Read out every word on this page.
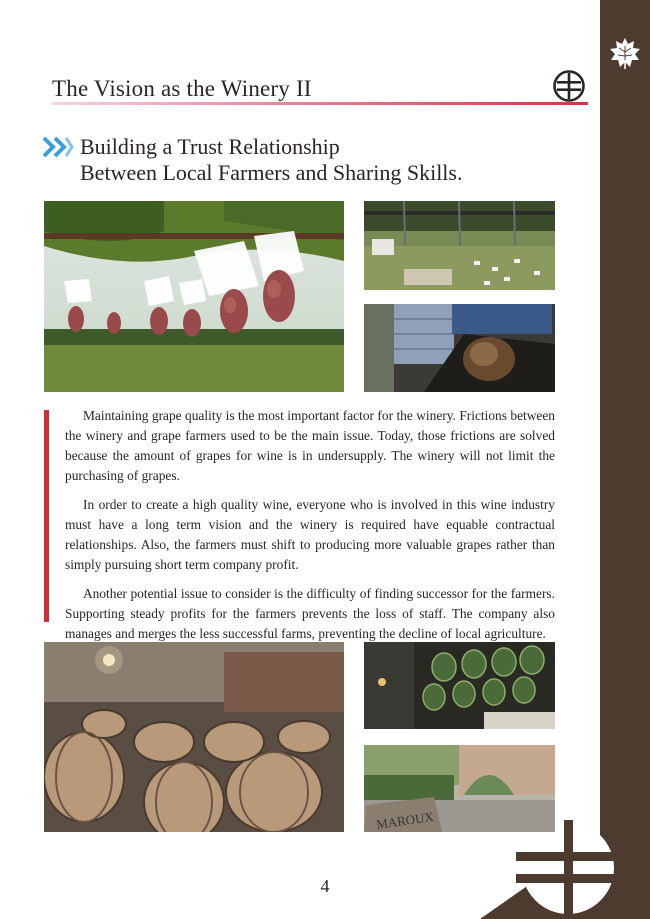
The Vision as the Winery II
Building a Trust Relationship
Between Local Farmers and Sharing Skills.

Maintaining grape quality is the most important factor for the winery. Frictions between the winery and grape farmers used to be the main issue. Today, those frictions are solved because the amount of grapes for wine is in undersupply. The winery will not limit the purchasing of grapes.

In order to create a high quality wine, everyone who is involved in this wine industry must have a long term vision and the winery is required have equable contractual relationships. Also, the farmers must shift to producing more valuable grapes rather than simply pursuing short term company profit.

Another potential issue to consider is the difficulty of finding successor for the farmers. Supporting steady profits for the farmers prevents the loss of staff. The company also manages and merges the less successful farms, preventing the decline of local agriculture.

MAROUX
4
